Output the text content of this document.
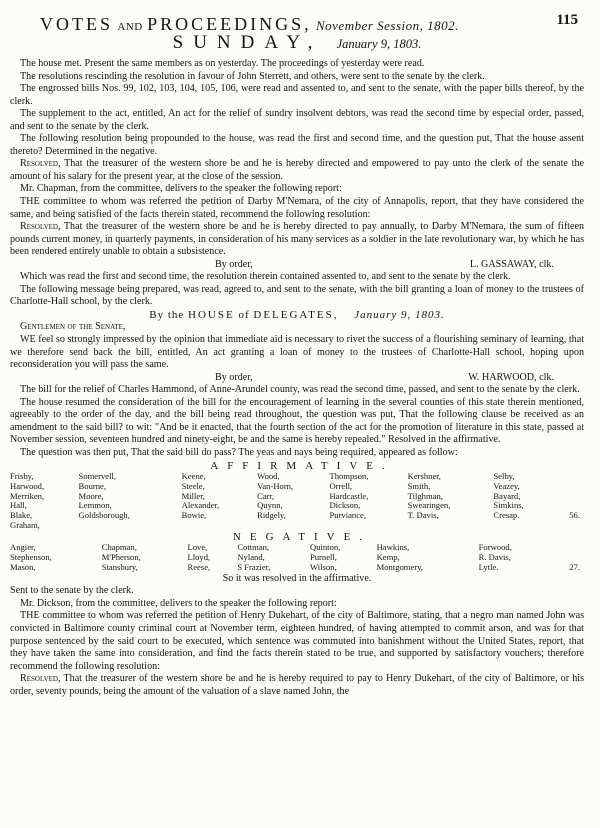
VOTES AND PROCEEDINGS, November Session, 1802.	115
SUNDAY, January 9, 1803.

The house met. Present the same members as on yesterday. The proceedings of yesterday were read.

The resolutions rescinding the resolution in favour of John Sterrett, and others, were sent to the senate by the clerk.

The engrossed bills Nos. 99, 102, 103, 104, 105, 106, were read and assented to, and sent to the senate, with the paper bills thereof, by the clerk.

The supplement to the act, entitled, An act for the relief of sundry insolvent debtors, was read the second time by especial order, passed, and sent to the senate by the clerk.

The following resolution being propounded to the house, was read the first and second time, and the question put, That the house assent thereto? Determined in the negative.

Resolved, That the treasurer of the western shore be and he is hereby directed and empowered to pay unto the clerk of the senate the amount of his salary for the present year, at the close of the session.

Mr. Chapman, from the committee, delivers to the speaker the following report:

THE committee to whom was referred the petition of Darby M'Nemara, of the city of Annapolis, report, that they have considered the same, and being satisfied of the facts therein stated, recommend the following resolution:

Resolved, That the treasurer of the western shore be and he is hereby directed to pay annually, to Darby M'Nemara, the sum of fifteen pounds current money, in quarterly payments, in consideration of his many services as a soldier in the late revolutionary war, by which he has been rendered entirely unable to obtain a subsistence.

By order,	L. GASSAWAY, clk.

Which was read the first and second time, the resolution therein contained assented to, and sent to the senate by the clerk.

The following message being prepared, was read, agreed to, and sent to the senate, with the bill granting a loan of money to the trustees of Charlotte-Hall school, by the clerk.

By the HOUSE of DELEGATES, January 9, 1803.

Gentlemen of the Senate,

WE feel so strongly impressed by the opinion that immediate aid is necessary to rivet the success of a flourishing seminary of learning, that we therefore send back the bill, entitled, An act granting a loan of money to the trustees of Charlotte-Hall school, hoping upon reconsideration you will pass the same.

By order,	W. HARWOOD, clk.

The bill for the relief of Charles Hammond, of Anne-Arundel county, was read the second time, passed, and sent to the senate by the clerk.

The house resumed the consideration of the bill for the encouragement of learning in the several counties of this state therein mentioned, agreeably to the order of the day, and the bill being read throughout, the question was put, That the following clause be received as an amendment to the said bill? to wit: "And be it enacted, that the fourth section of the act for the promotion of literature in this state, passed at November session, seventeen hundred and ninety-eight, be and the same is hereby repealed." Resolved in the affirmative.

The question was then put, That the said bill do pass? The yeas and nays being required, appeared as follow:

AFFIRMATIVE.

Frisby,	Somervell,	Keene,	Wood,	Thompson,	Kershner,	Selby,	
Harwood,	Bourne,	Steele,	Van-Horn,	Orrell,	Smith,	Veazey,	
Merriken,	Moore,	Miller,	Carr,	Hardcastle,	Tilghman,	Bayard,	
Hall,	Lemmon,	Alexander,	Quynn,	Dickson,	Swearingen,	Simkins,	
Blake,	Goldsborough,	Bowie,	Ridgely,	Purviance,	T. Davis,	Cresap.	56.
Graham,							

NEGATIVE.

Angier,	Chapman,	Love,	Cottman,	Quinton,	Hawkins,	Forwood,	
Stephenson,	M'Pherson,	Lloyd,	Nyland,	Purnell,	Kemp,	R. Davis,	
Mason,	Stansbury,	Reese,	S Frazier,	Wilson,	Montgomery,	Lytle.	27.
So it was resolved in the affirmative.

Sent to the senate by the clerk.

Mr. Dickson, from the committee, delivers to the speaker the following report:

THE committee to whom was referred the petition of Henry Dukehart, of the city of Baltimore, stating, that a negro man named John was convicted in Baltimore county criminal court at November term, eighteen hundred, of having attempted to commit arson, and was for that purpose sentenced by the said court to be executed, which sentence was commuted into banishment without the United States, report, that they have taken the same into consideration, and find the facts therein stated to be true, and supported by satisfactory vouchers; therefore recommend the following resolution:

Resolved, That the treasurer of the western shore be and he is hereby required to pay to Henry Dukehart, of the city of Baltimore, or his order, seventy pounds, being the amount of the valuation of a slave named John, the
